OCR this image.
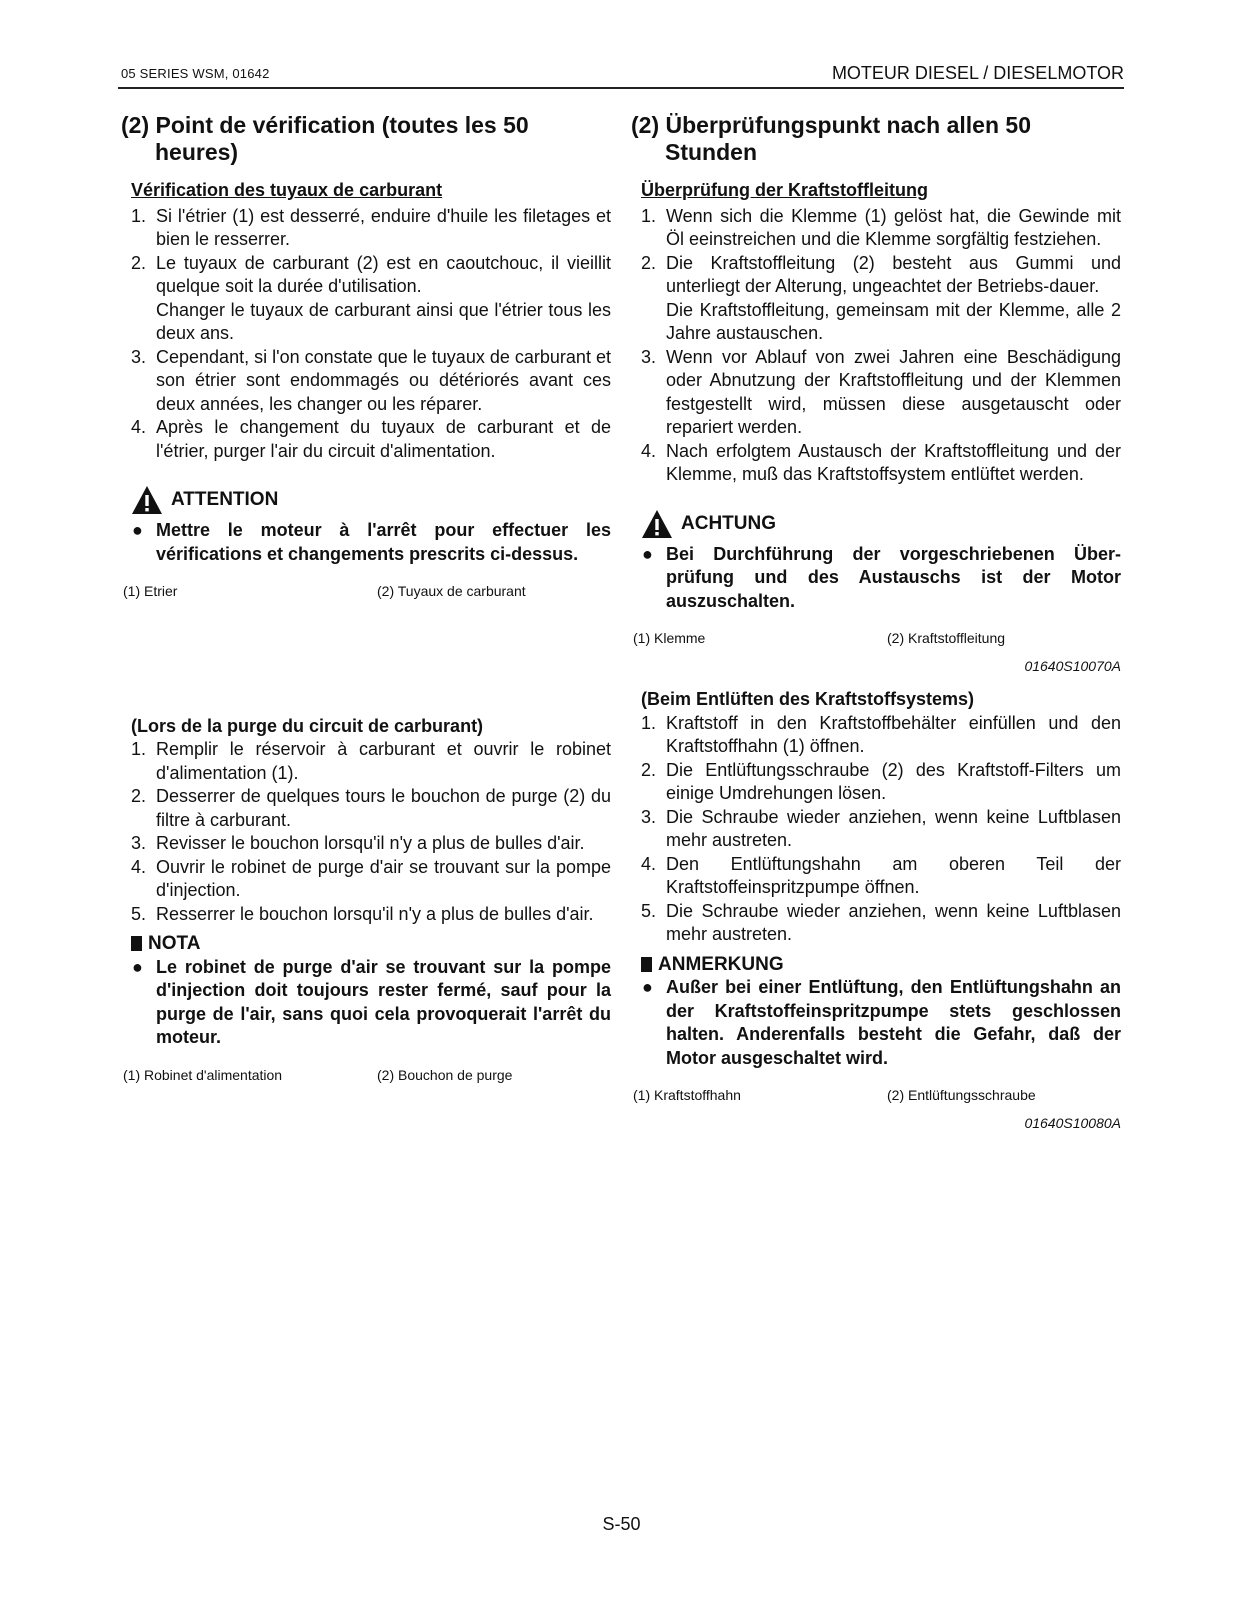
05 SERIES WSM, 01642	MOTEUR DIESEL / DIESELMOTOR
(2) Point de vérification (toutes les 50 heures)
Vérification des tuyaux de carburant
1. Si l'étrier (1) est desserré, enduire d'huile les filetages et bien le resserrer.
2. Le tuyaux de carburant (2) est en caoutchouc, il vieillit quelque soit la durée d'utilisation.
Changer le tuyaux de carburant ainsi que l'étrier tous les deux ans.
3. Cependant, si l'on constate que le tuyaux de carburant et son étrier sont endommagés ou détériorés avant ces deux années, les changer ou les réparer.
4. Après le changement du tuyaux de carburant et de l'étrier, purger l'air du circuit d'alimentation.
ATTENTION
● Mettre le moteur à l'arrêt pour effectuer les vérifications et changements prescrits ci-dessus.
(1) Etrier	(2) Tuyaux de carburant
(Lors de la purge du circuit de carburant)
1. Remplir le réservoir à carburant et ouvrir le robinet d'alimentation (1).
2. Desserrer de quelques tours le bouchon de purge (2) du filtre à carburant.
3. Revisser le bouchon lorsqu'il n'y a plus de bulles d'air.
4. Ouvrir le robinet de purge d'air se trouvant sur la pompe d'injection.
5. Resserrer le bouchon lorsqu'il n'y a plus de bulles d'air.
NOTA
● Le robinet de purge d'air se trouvant sur la pompe d'injection doit toujours rester fermé, sauf pour la purge de l'air, sans quoi cela provoquerait l'arrêt du moteur.
(1) Robinet d'alimentation	(2) Bouchon de purge
(2) Überprüfungspunkt nach allen 50 Stunden
Überprüfung der Kraftstoffleitung
1. Wenn sich die Klemme (1) gelöst hat, die Gewinde mit Öl eeinstreichen und die Klemme sorgfältig festziehen.
2. Die Kraftstoffleitung (2) besteht aus Gummi und unterliegt der Alterung, ungeachtet der Betriebs-dauer.
Die Kraftstoffleitung, gemeinsam mit der Klemme, alle 2 Jahre austauschen.
3. Wenn vor Ablauf von zwei Jahren eine Beschädigung oder Abnutzung der Kraftstoffleitung und der Klemmen festgestellt wird, müssen diese ausgetauscht oder repariert werden.
4. Nach erfolgtem Austausch der Kraftstoffleitung und der Klemme, muß das Kraftstoffsystem entlüftet werden.
ACHTUNG
● Bei Durchführung der vorgeschriebenen Über-prüfung und des Austauschs ist der Motor auszuschalten.
(1) Klemme	(2) Kraftstoffleitung
01640S10070A
(Beim Entlüften des Kraftstoffsystems)
1. Kraftstoff in den Kraftstoffbehälter einfüllen und den Kraftstoffhahn (1) öffnen.
2. Die Entlüftungsschraube (2) des Kraftstoff-Filters um einige Umdrehungen lösen.
3. Die Schraube wieder anziehen, wenn keine Luftblasen mehr austreten.
4. Den Entlüftungshahn am oberen Teil der Kraftstoffeinspritzpumpe öffnen.
5. Die Schraube wieder anziehen, wenn keine Luftblasen mehr austreten.
ANMERKUNG
● Außer bei einer Entlüftung, den Entlüftungshahn an der Kraftstoffeinspritzpumpe stets geschlossen halten. Anderenfalls besteht die Gefahr, daß der Motor ausgeschaltet wird.
(1) Kraftstoffhahn	(2) Entlüftungsschraube
01640S10080A
S-50
